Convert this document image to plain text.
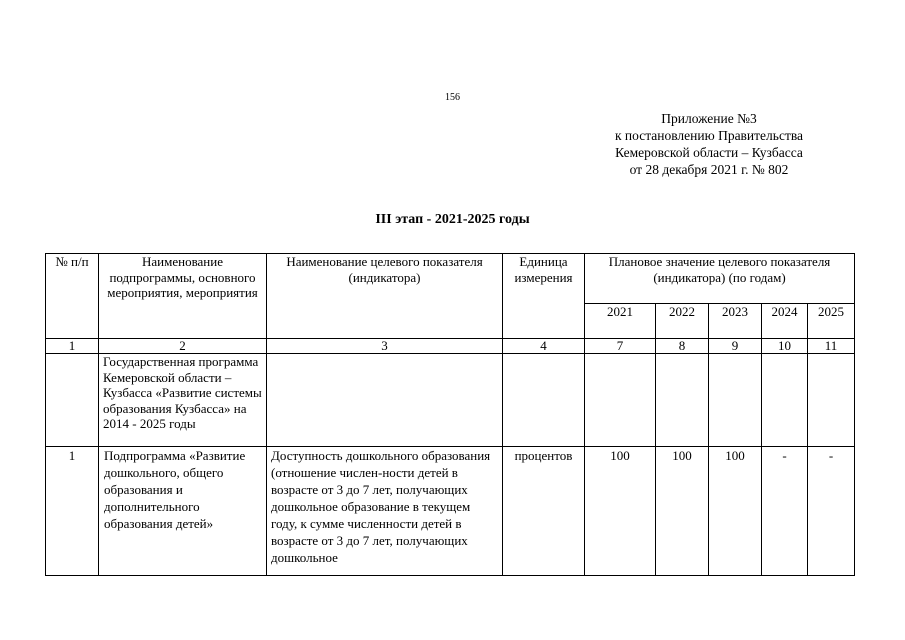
156
Приложение №3
к постановлению Правительства
Кемеровской области – Кузбасса
от 28 декабря 2021 г. № 802
III этап - 2021-2025 годы
№ п/п	Наименование подпрограммы, основного мероприятия, мероприятия	Наименование целевого показателя (индикатора)	Единица измерения	Плановое значение целевого показателя (индикатора) (по годам)				
				2021	2022	2023	2024	2025
1	2	3	4	7	8	9	10	11
	Государственная программа Кемеровской области – Кузбасса «Развитие системы образования Кузбасса» на 2014 - 2025 годы							
1	Подпрограмма «Развитие дошкольного, общего образования и дополнительного образования детей»	Доступность дошкольного образования (отношение числен-ности детей в возрасте от 3 до 7 лет, получающих дошкольное образование в текущем году, к сумме численности детей в возрасте от 3 до 7 лет, получающих дошкольное	процентов	100	100	100	-	-
